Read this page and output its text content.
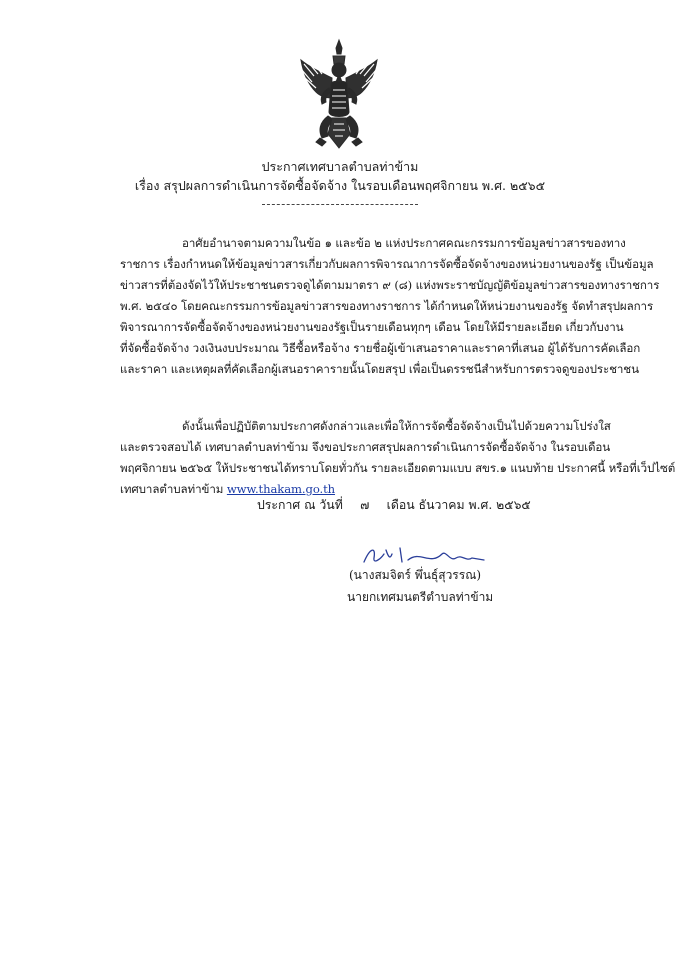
ประกาศเทศบาลตำบลท่าข้าม
เรื่อง สรุปผลการดำเนินการจัดซื้อจัดจ้าง ในรอบเดือนพฤศจิกายน พ.ศ. ๒๕๖๕
อาศัยอำนาจตามความในข้อ ๑ และข้อ ๒ แห่งประกาศคณะกรรมการข้อมูลข่าวสารของทาง
ราชการ เรื่องกำหนดให้ข้อมูลข่าวสารเกี่ยวกับผลการพิจารณาการจัดซื้อจัดจ้างของหน่วยงานของรัฐ เป็นข้อมูล
ข่าวสารที่ต้องจัดไว้ให้ประชาชนตรวจดูได้ตามมาตรา ๙ (๘) แห่งพระราชบัญญัติข้อมูลข่าวสารของทางราชการ
พ.ศ. ๒๕๔๐ โดยคณะกรรมการข้อมูลข่าวสารของทางราชการ ได้กำหนดให้หน่วยงานของรัฐ จัดทำสรุปผลการ
พิจารณาการจัดซื้อจัดจ้างของหน่วยงานของรัฐเป็นรายเดือนทุกๆ เดือน โดยให้มีรายละเอียด เกี่ยวกับงาน
ที่จัดซื้อจัดจ้าง วงเงินงบประมาณ วิธีซื้อหรือจ้าง รายชื่อผู้เข้าเสนอราคาและราคาที่เสนอ ผู้ได้รับการคัดเลือก
และราคา และเหตุผลที่คัดเลือกผู้เสนอราคารายนั้นโดยสรุป เพื่อเป็นดรรชนีสำหรับการตรวจดูของประชาชน
ดังนั้นเพื่อปฏิบัติตามประกาศดังกล่าวและเพื่อให้การจัดซื้อจัดจ้างเป็นไปด้วยความโปร่งใส
และตรวจสอบได้ เทศบาลตำบลท่าข้าม จึงขอประกาศสรุปผลการดำเนินการจัดซื้อจัดจ้าง ในรอบเดือน
พฤศจิกายน ๒๕๖๕ ให้ประชาชนได้ทราบโดยทั่วกัน รายละเอียดตามแบบ สขร.๑ แนบท้าย ประกาศนี้ หรือที่เว็ปไซต์
เทศบาลตำบลท่าข้าม www.thakam.go.th
ประกาศ ณ วันที่ ๗ เดือน ธันวาคม พ.ศ. ๒๕๖๕
(นางสมจิตร์ พึ่นธุ์สุวรรณ)
นายกเทศมนตรีตำบลท่าข้าม
